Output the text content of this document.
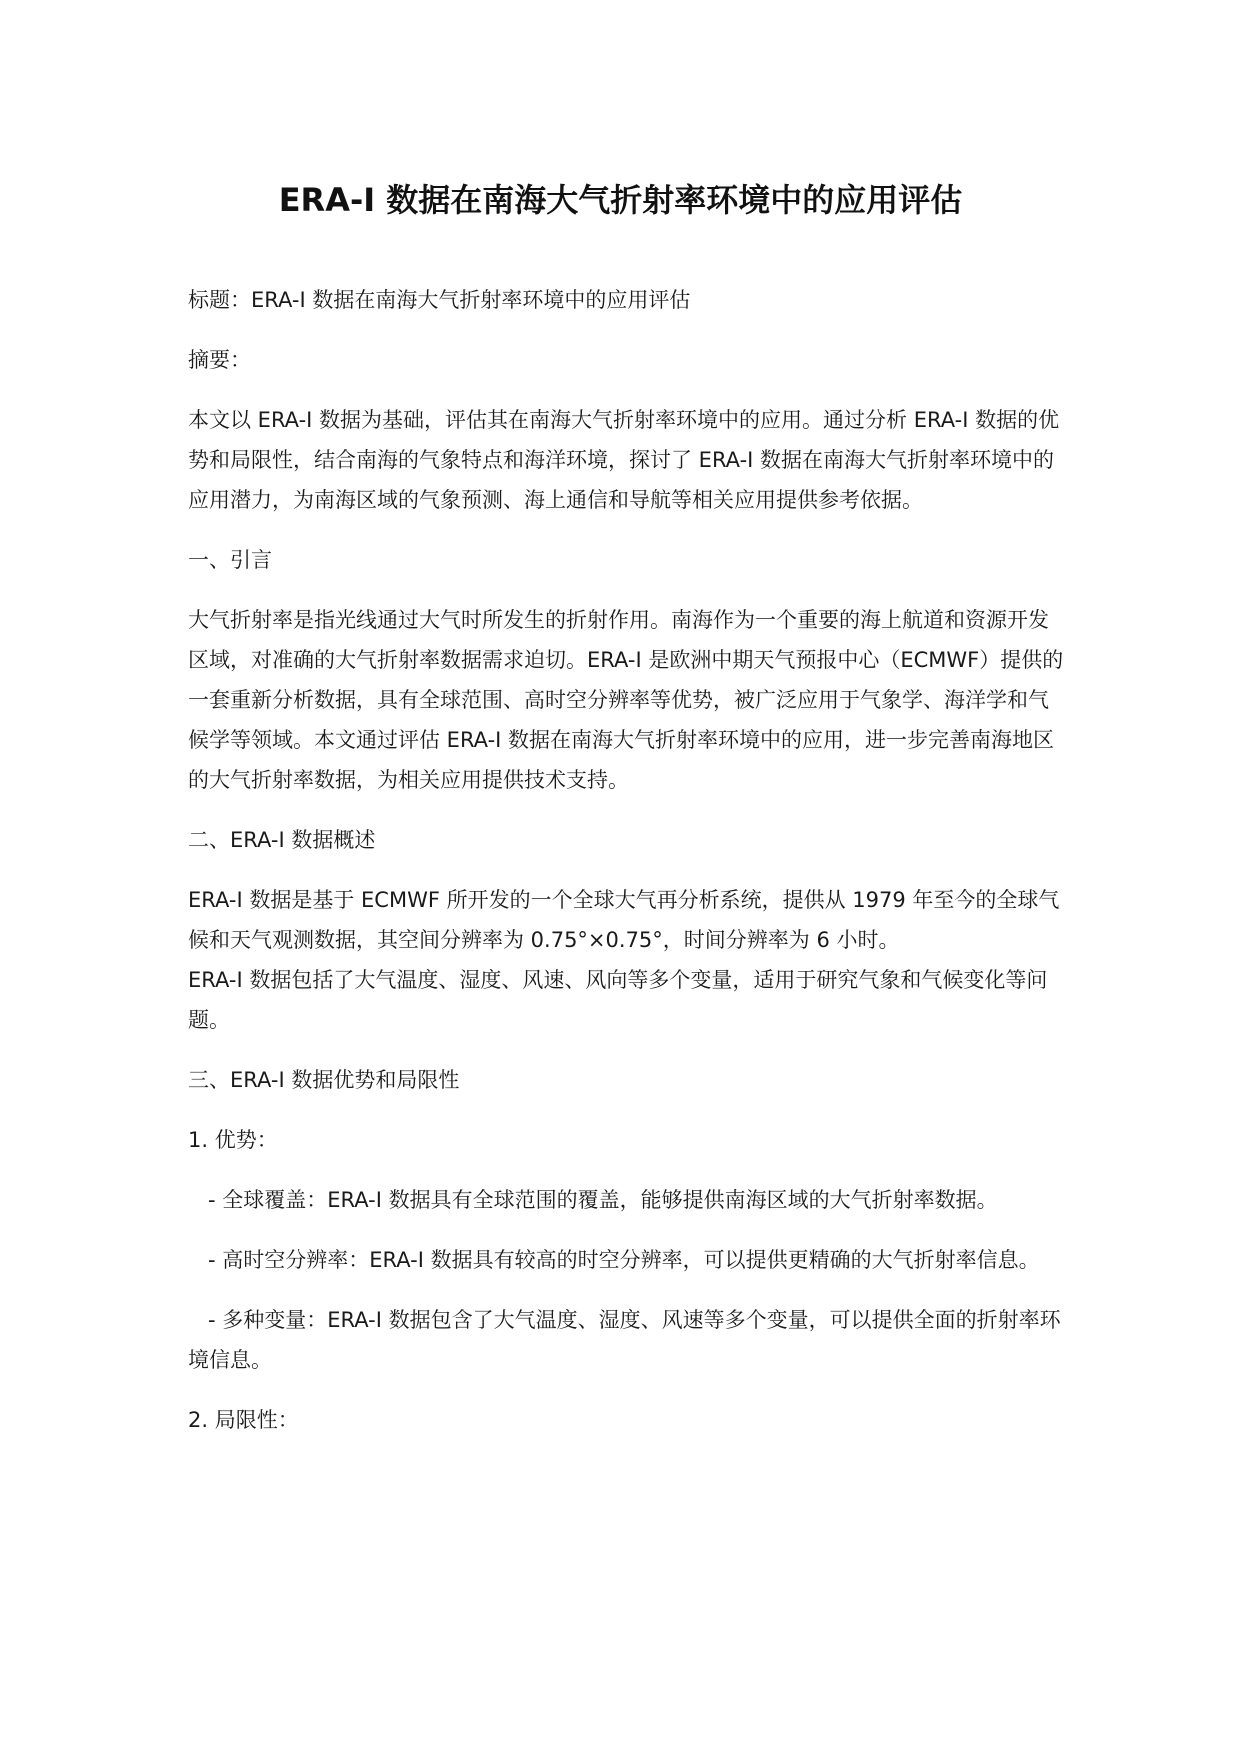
ERA-I 数据在南海大气折射率环境中的应用评估

标题：ERA-I 数据在南海大气折射率环境中的应用评估

摘要：

本文以 ERA-I 数据为基础，评估其在南海大气折射率环境中的应用。通过分析 ERA-I 数据的优势和局限性，结合南海的气象特点和海洋环境，探讨了 ERA-I 数据在南海大气折射率环境中的应用潜力，为南海区域的气象预测、海上通信和导航等相关应用提供参考依据。

一、引言

大气折射率是指光线通过大气时所发生的折射作用。南海作为一个重要的海上航道和资源开发区域，对准确的大气折射率数据需求迫切。ERA-I 是欧洲中期天气预报中心（ECMWF）提供的一套重新分析数据，具有全球范围、高时空分辨率等优势，被广泛应用于气象学、海洋学和气候学等领域。本文通过评估 ERA-I 数据在南海大气折射率环境中的应用，进一步完善南海地区的大气折射率数据，为相关应用提供技术支持。

二、ERA-I 数据概述

ERA-I 数据是基于 ECMWF 所开发的一个全球大气再分析系统，提供从 1979 年至今的全球气候和天气观测数据，其空间分辨率为 0.75°×0.75°，时间分辨率为 6 小时。
ERA-I 数据包括了大气温度、湿度、风速、风向等多个变量，适用于研究气象和气候变化等问题。

三、ERA-I 数据优势和局限性

1. 优势：

- 全球覆盖：ERA-I 数据具有全球范围的覆盖，能够提供南海区域的大气折射率数据。

- 高时空分辨率：ERA-I 数据具有较高的时空分辨率，可以提供更精确的大气折射率信息。

- 多种变量：ERA-I 数据包含了大气温度、湿度、风速等多个变量，可以提供全面的折射率环境信息。

2. 局限性：
